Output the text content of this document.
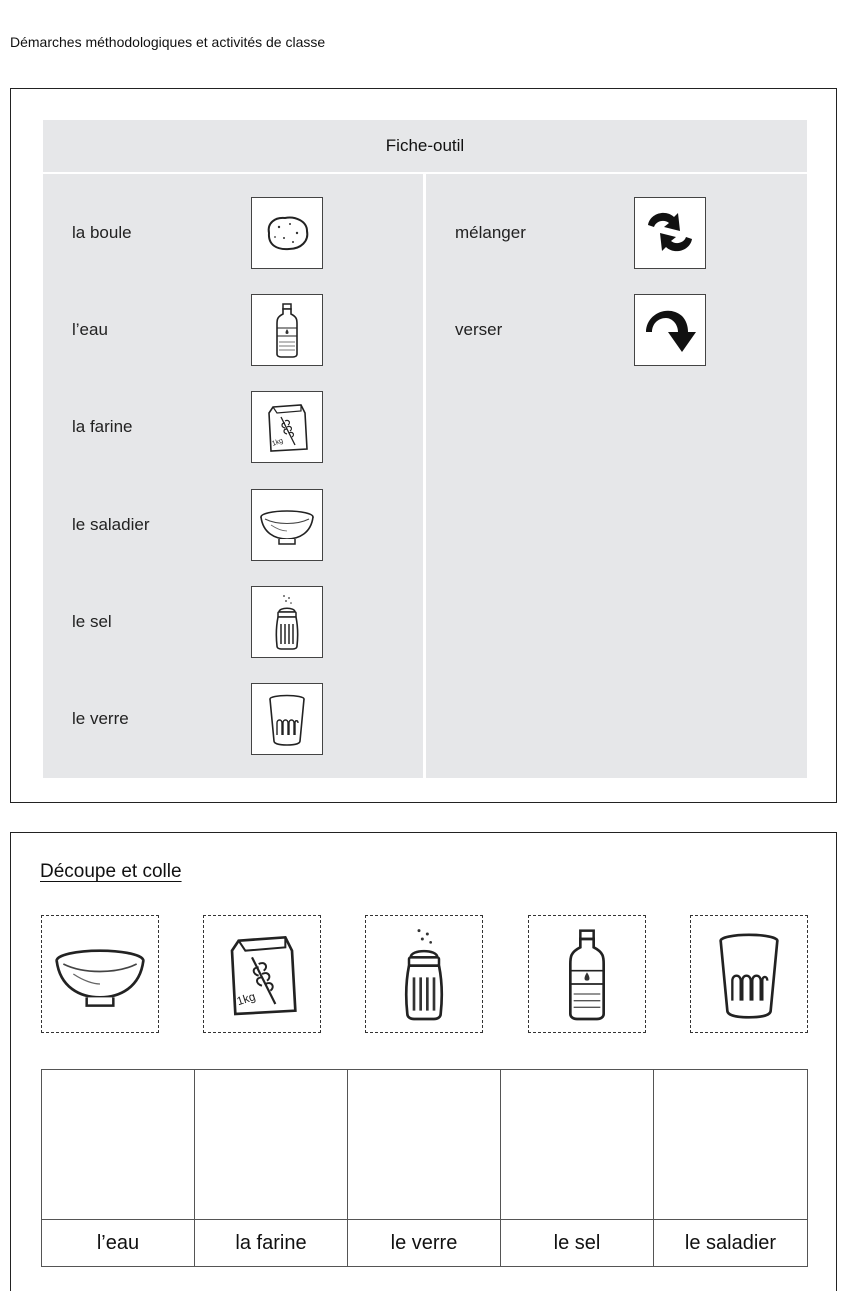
Démarches méthodologiques et activités de classe
Fiche-outil
la boule
l’eau
la farine
le saladier
le sel
le verre
mélanger
verser
Découpe et colle
l’eau	la farine	le verre	le sel	le saladier
